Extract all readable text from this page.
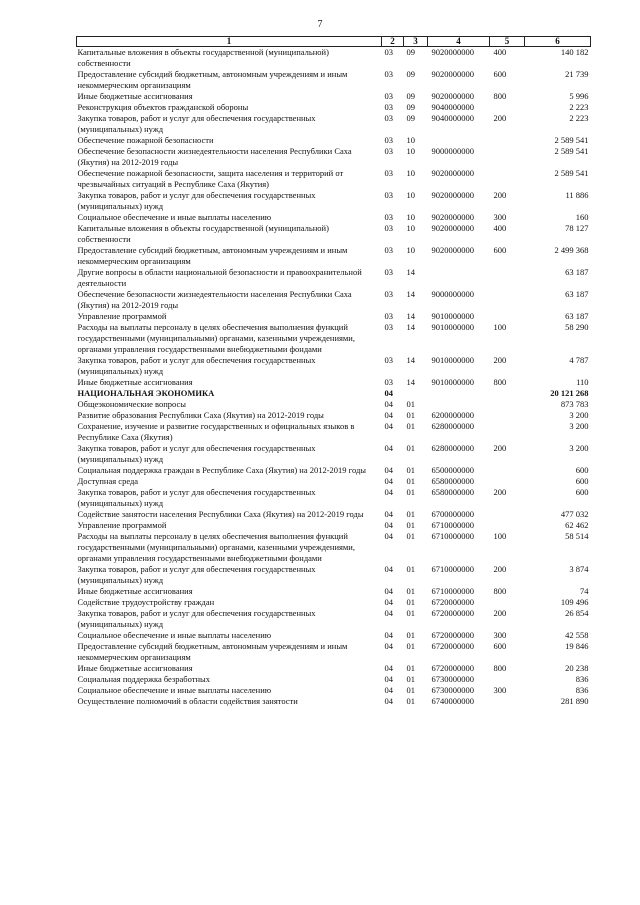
7
1	2	3	4	5	6
Капитальные вложения в объекты государственной (муниципальной) собственности	03	09	9020000000	400	140 182
Предоставление субсидий бюджетным, автономным учреждениям и иным некоммерческим организациям	03	09	9020000000	600	21 739
Иные бюджетные ассигнования	03	09	9020000000	800	5 996
Реконструкция объектов гражданской обороны	03	09	9040000000		2 223
Закупка товаров, работ и услуг для обеспечения государственных (муниципальных) нужд	03	09	9040000000	200	2 223
Обеспечение пожарной безопасности	03	10			2 589 541
Обеспечение безопасности жизнедеятельности населения Республики Саха (Якутия) на 2012-2019 годы	03	10	9000000000		2 589 541
Обеспечение пожарной безопасности, защита населения и территорий от чрезвычайных ситуаций в Республике Саха (Якутия)	03	10	9020000000		2 589 541
Закупка товаров, работ и услуг для обеспечения государственных (муниципальных) нужд	03	10	9020000000	200	11 886
Социальное обеспечение и иные выплаты населению	03	10	9020000000	300	160
Капитальные вложения в объекты государственной (муниципальной) собственности	03	10	9020000000	400	78 127
Предоставление субсидий бюджетным, автономным учреждениям и иным некоммерческим организациям	03	10	9020000000	600	2 499 368
Другие вопросы в области национальной безопасности и правоохранительной деятельности	03	14			63 187
Обеспечение безопасности жизнедеятельности населения Республики Саха (Якутия) на 2012-2019 годы	03	14	9000000000		63 187
Управление программой	03	14	9010000000		63 187
Расходы на выплаты персоналу в целях обеспечения выполнения функций государственными (муниципальными) органами, казенными учреждениями, органами управления государственными внебюджетными фондами	03	14	9010000000	100	58 290
Закупка товаров, работ и услуг для обеспечения государственных (муниципальных) нужд	03	14	9010000000	200	4 787
Иные бюджетные ассигнования	03	14	9010000000	800	110
НАЦИОНАЛЬНАЯ ЭКОНОМИКА	04				20 121 268
Общеэкономические вопросы	04	01			873 783
Развитие образования Республики Саха (Якутия) на 2012-2019 годы	04	01	6200000000		3 200
Сохранение, изучение и развитие государственных и официальных языков в Республике Саха (Якутия)	04	01	6280000000		3 200
Закупка товаров, работ и услуг для обеспечения государственных (муниципальных) нужд	04	01	6280000000	200	3 200
Социальная поддержка граждан в Республике Саха (Якутия) на 2012-2019 годы	04	01	6500000000		600
Доступная среда	04	01	6580000000		600
Закупка товаров, работ и услуг для обеспечения государственных (муниципальных) нужд	04	01	6580000000	200	600
Содействие занятости населения Республики Саха (Якутия) на 2012-2019 годы	04	01	6700000000		477 032
Управление программой	04	01	6710000000		62 462
Расходы на выплаты персоналу в целях обеспечения выполнения функций государственными (муниципальными) органами, казенными учреждениями, органами управления государственными внебюджетными фондами	04	01	6710000000	100	58 514
Закупка товаров, работ и услуг для обеспечения государственных (муниципальных) нужд	04	01	6710000000	200	3 874
Иные бюджетные ассигнования	04	01	6710000000	800	74
Содействие трудоустройству граждан	04	01	6720000000		109 496
Закупка товаров, работ и услуг для обеспечения государственных (муниципальных) нужд	04	01	6720000000	200	26 854
Социальное обеспечение и иные выплаты населению	04	01	6720000000	300	42 558
Предоставление субсидий бюджетным, автономным учреждениям и иным некоммерческим организациям	04	01	6720000000	600	19 846
Иные бюджетные ассигнования	04	01	6720000000	800	20 238
Социальная поддержка безработных	04	01	6730000000		836
Социальное обеспечение и иные выплаты населению	04	01	6730000000	300	836
Осуществление полномочий в области содействия занятости	04	01	6740000000		281 890
